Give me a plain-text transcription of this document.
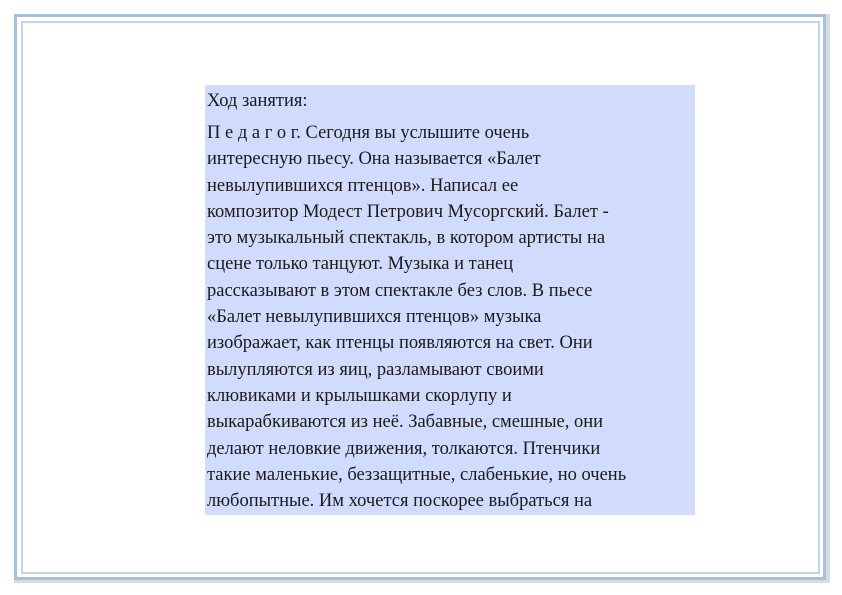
Ход занятия:

П е д а г о г. Сегодня вы услышите очень
интересную пьесу. Она называется «Балет
невылупившихся птенцов». Написал ее
композитор Модест Петрович Мусоргский. Балет -
это музыкальный спектакль, в котором артисты на
сцене только танцуют. Музыка и танец
рассказывают в этом спектакле без слов. В пьесе
«Балет невылупившихся птенцов» музыка
изображает, как птенцы появляются на свет. Они
вылупляются из яиц, разламывают своими
клювиками и крылышками скорлупу и
выкарабкиваются из неё. Забавные, смешные, они
делают неловкие движения, толкаются. Птенчики
такие маленькие, беззащитные, слабенькие, но очень
любопытные. Им хочется поскорее выбраться на
